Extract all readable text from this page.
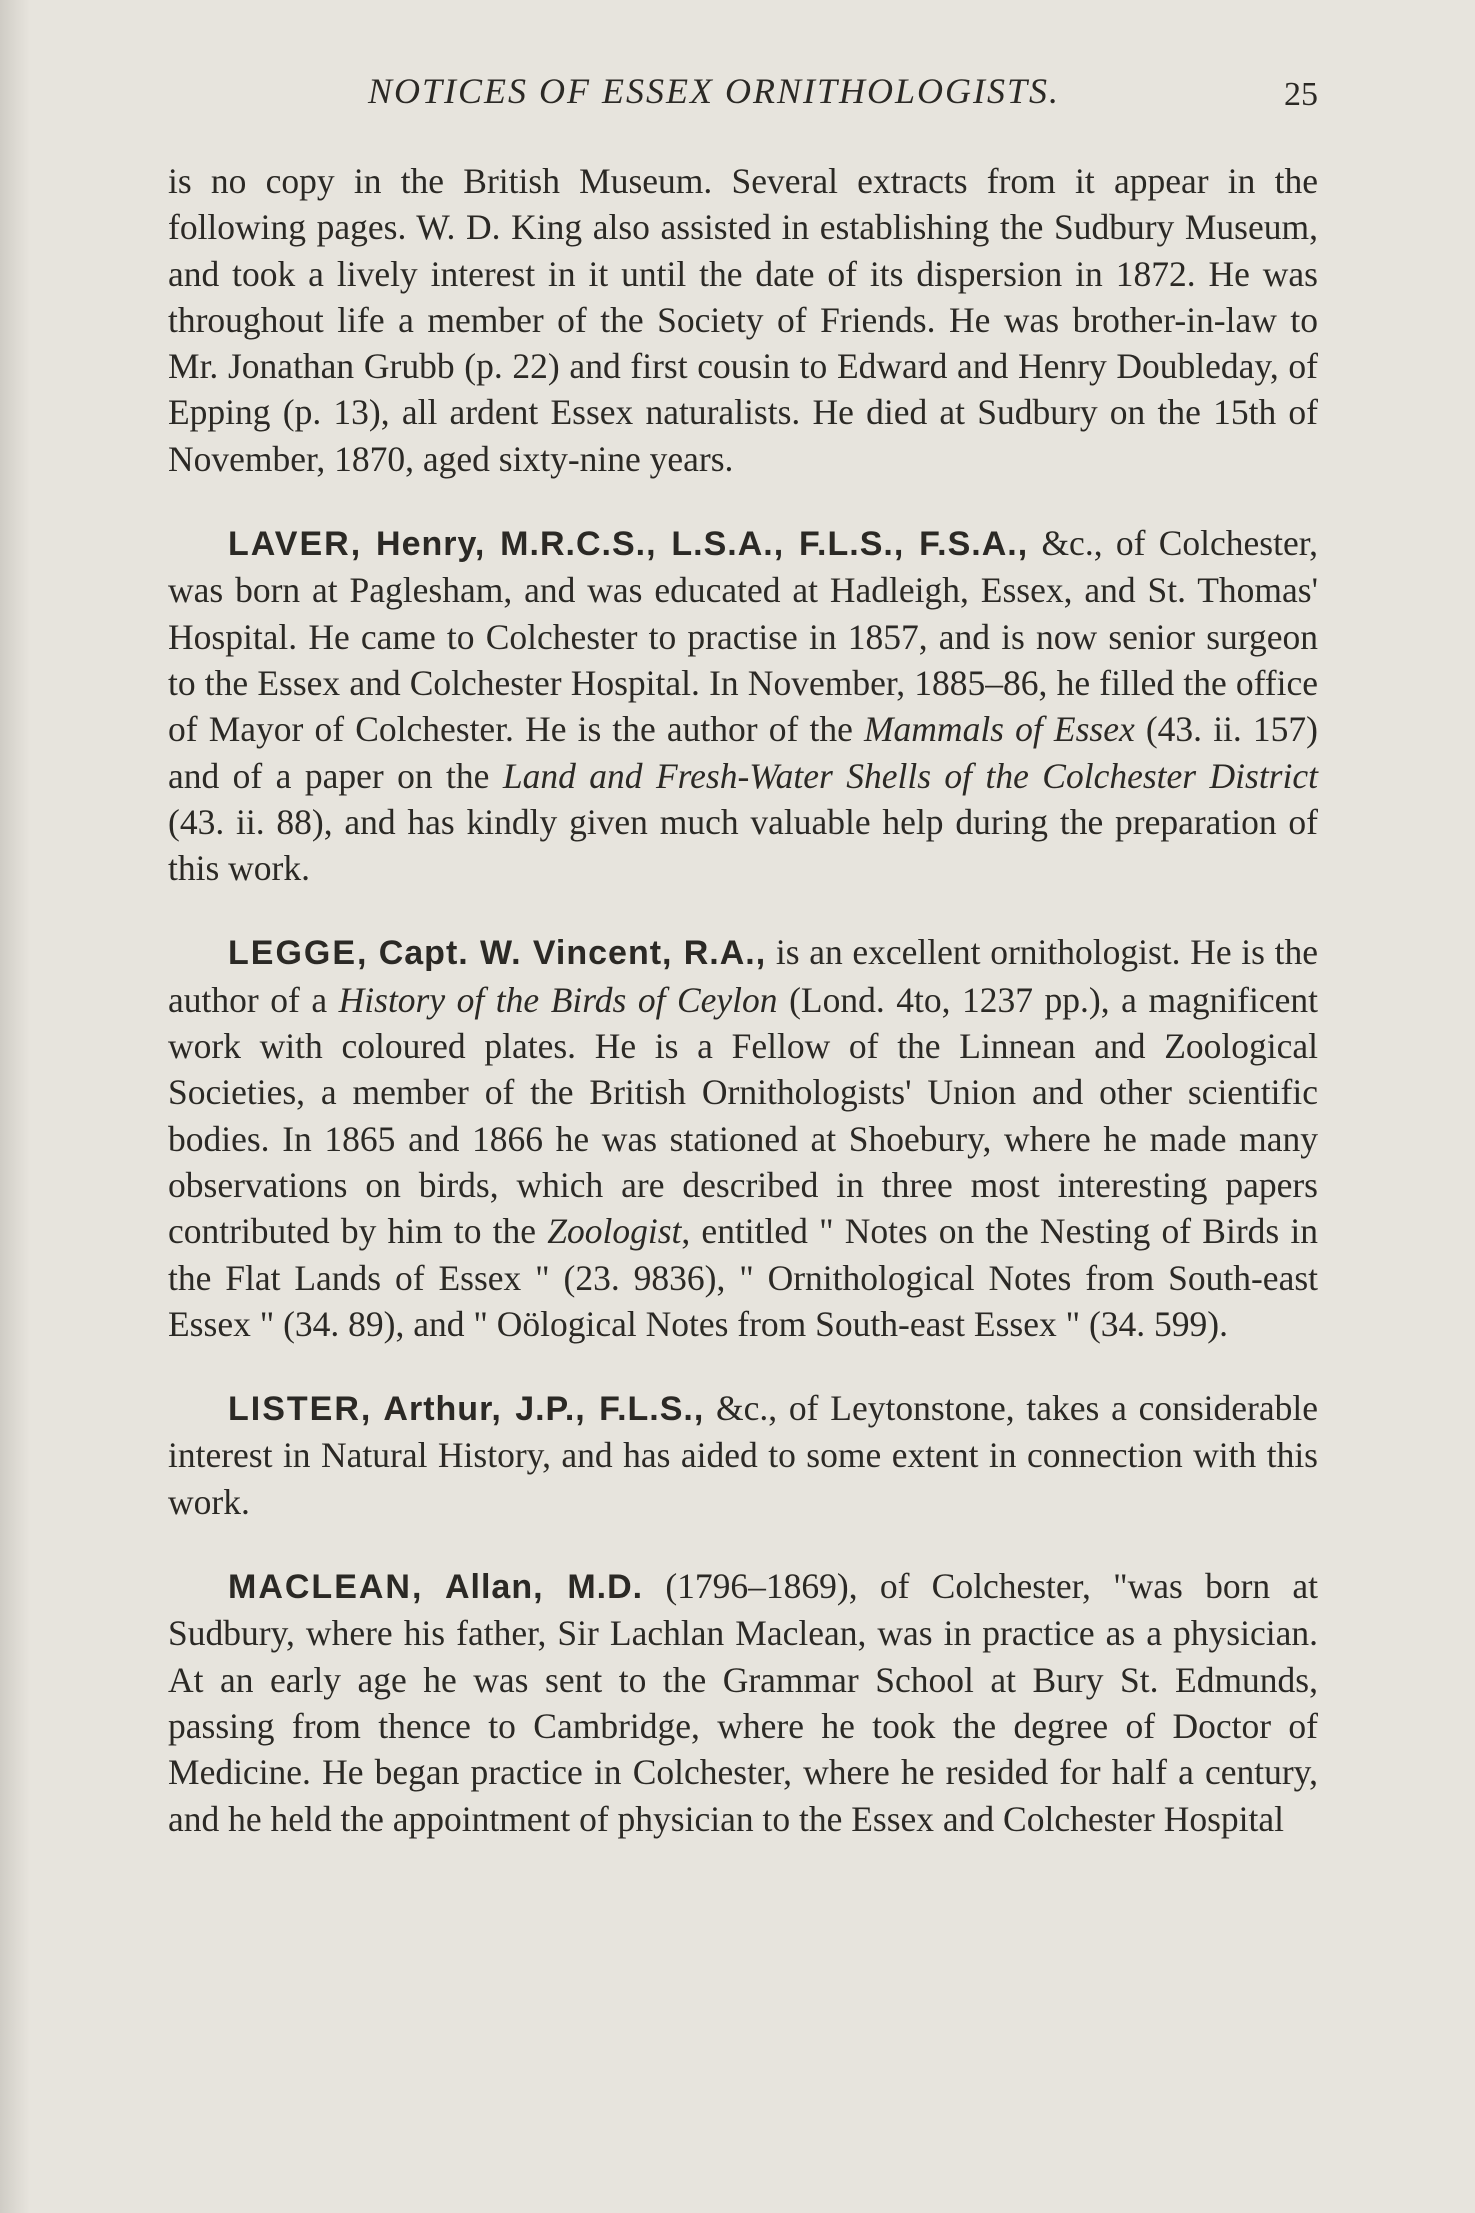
NOTICES OF ESSEX ORNITHOLOGISTS.	25

is no copy in the British Museum. Several extracts from it appear in the following pages. W. D. King also assisted in establishing the Sudbury Museum, and took a lively interest in it until the date of its dispersion in 1872. He was throughout life a member of the Society of Friends. He was brother-in-law to Mr. Jonathan Grubb (p. 22) and first cousin to Edward and Henry Doubleday, of Epping (p. 13), all ardent Essex naturalists. He died at Sudbury on the 15th of November, 1870, aged sixty-nine years.

LAVER, Henry, M.R.C.S., L.S.A., F.L.S., F.S.A., &c., of Colchester, was born at Paglesham, and was educated at Hadleigh, Essex, and St. Thomas' Hospital. He came to Colchester to practise in 1857, and is now senior surgeon to the Essex and Colchester Hospital. In November, 1885–86, he filled the office of Mayor of Colchester. He is the author of the Mammals of Essex (43. ii. 157) and of a paper on the Land and Fresh-Water Shells of the Colchester District (43. ii. 88), and has kindly given much valuable help during the preparation of this work.

LEGGE, Capt. W. Vincent, R.A., is an excellent ornithologist. He is the author of a History of the Birds of Ceylon (Lond. 4to, 1237 pp.), a magnificent work with coloured plates. He is a Fellow of the Linnean and Zoological Societies, a member of the British Ornithologists' Union and other scientific bodies. In 1865 and 1866 he was stationed at Shoebury, where he made many observations on birds, which are described in three most interesting papers contributed by him to the Zoologist, entitled " Notes on the Nesting of Birds in the Flat Lands of Essex " (23. 9836), " Ornithological Notes from South-east Essex " (34. 89), and " Oölogical Notes from South-east Essex " (34. 599).

LISTER, Arthur, J.P., F.L.S., &c., of Leytonstone, takes a considerable interest in Natural History, and has aided to some extent in connection with this work.

MACLEAN, Allan, M.D. (1796–1869), of Colchester, "was born at Sudbury, where his father, Sir Lachlan Maclean, was in practice as a physician. At an early age he was sent to the Grammar School at Bury St. Edmunds, passing from thence to Cambridge, where he took the degree of Doctor of Medicine. He began practice in Colchester, where he resided for half a century, and he held the appointment of physician to the Essex and Colchester Hospital
